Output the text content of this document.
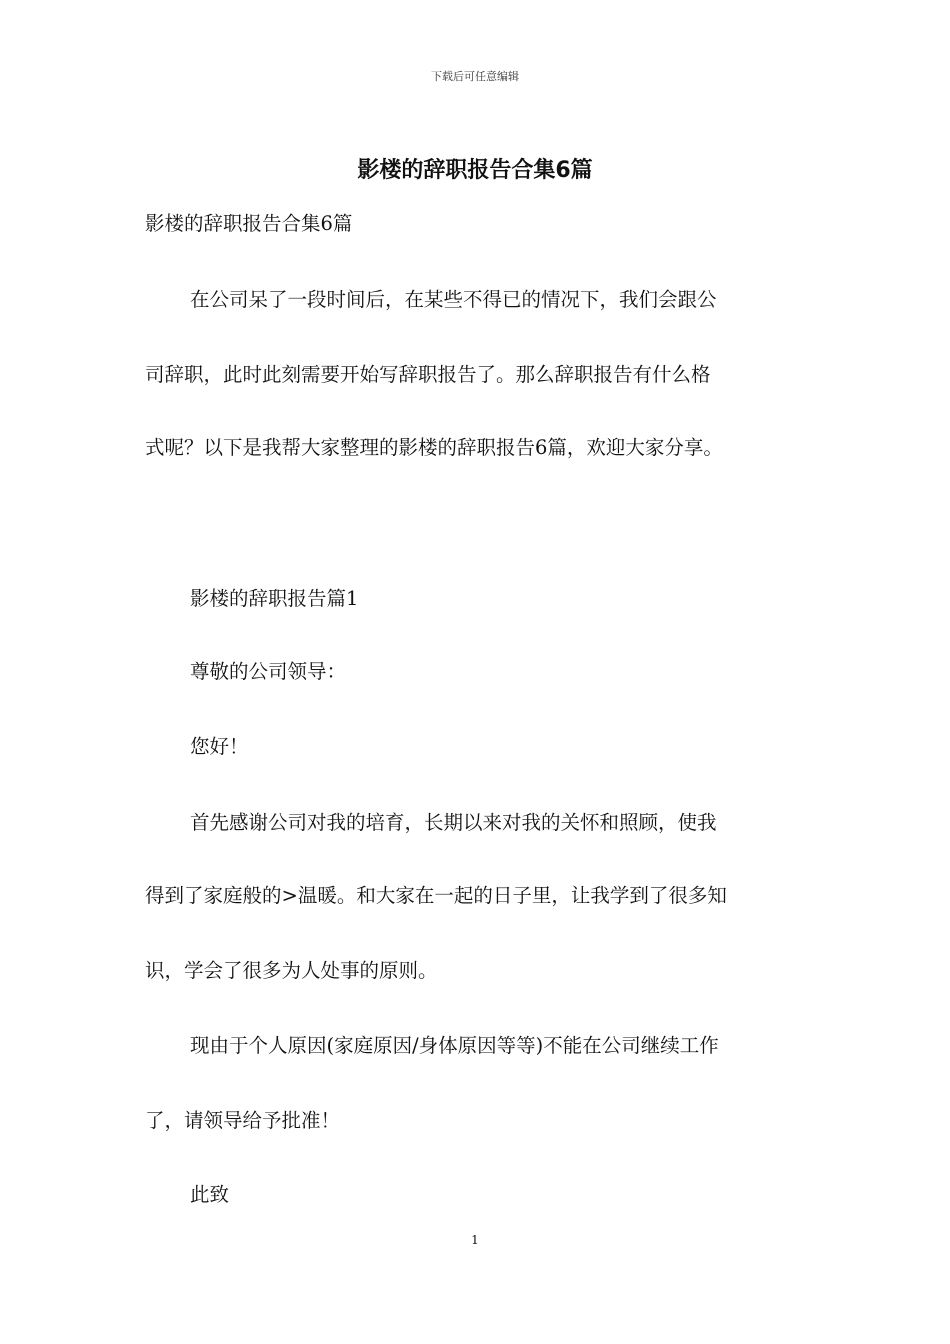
下载后可任意编辑
影楼的辞职报告合集6篇

影楼的辞职报告合集6篇

在公司呆了一段时间后，在某些不得已的情况下，我们会跟公

司辞职，此时此刻需要开始写辞职报告了。那么辞职报告有什么格

式呢？以下是我帮大家整理的影楼的辞职报告6篇，欢迎大家分享。

影楼的辞职报告篇1

尊敬的公司领导：

您好！

首先感谢公司对我的培育，长期以来对我的关怀和照顾，使我

得到了家庭般的>温暖。和大家在一起的日子里，让我学到了很多知

识，学会了很多为人处事的原则。

现由于个人原因(家庭原因/身体原因等等)不能在公司继续工作

了，请领导给予批准！

此致

1
